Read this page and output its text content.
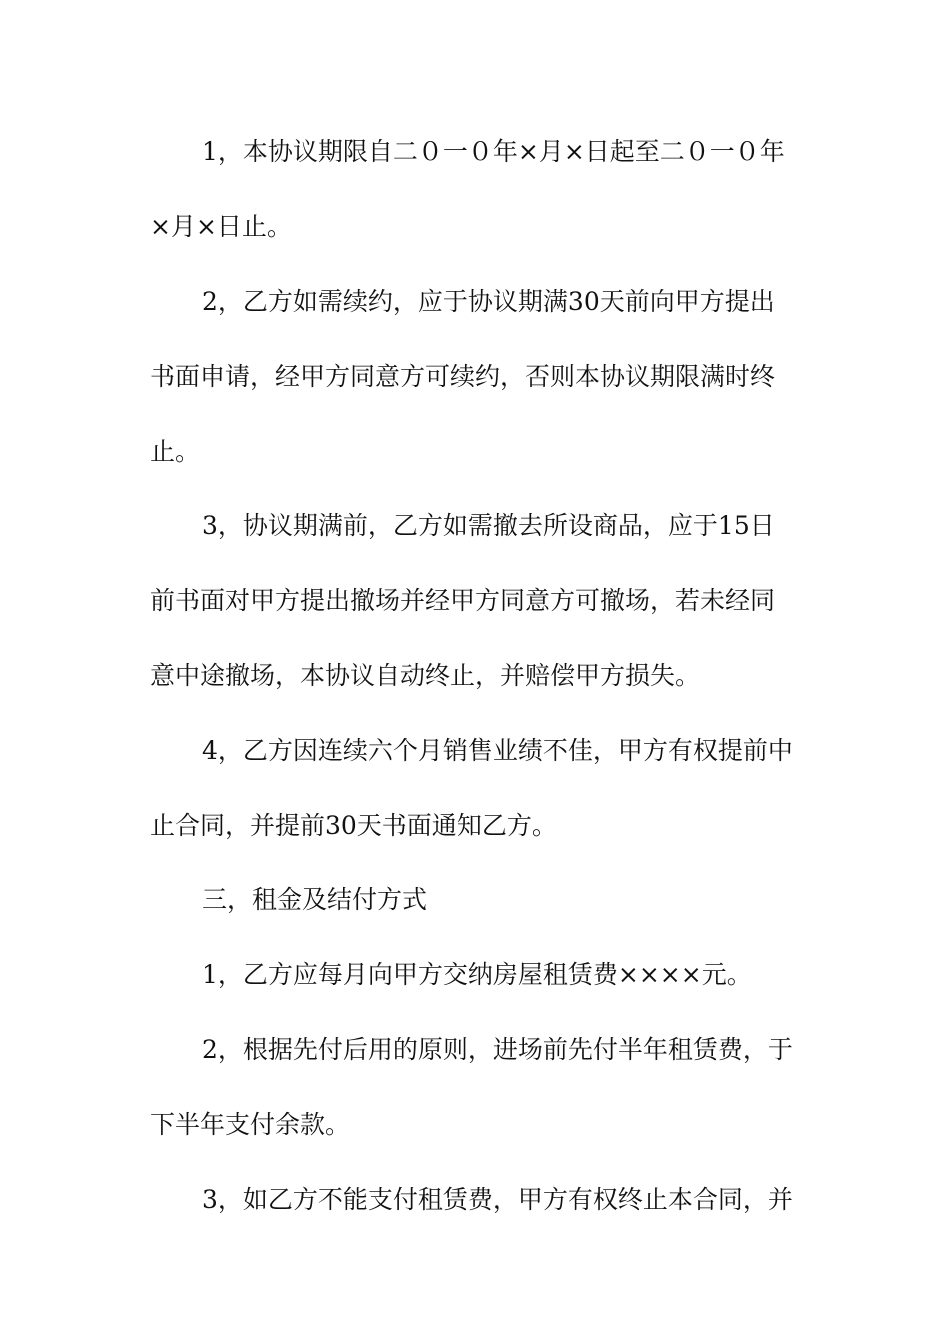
1，本协议期限自二０一０年×月×日起至二０一０年
×月×日止。
2，乙方如需续约，应于协议期满30天前向甲方提出
书面申请，经甲方同意方可续约，否则本协议期限满时终
止。
3，协议期满前，乙方如需撤去所设商品，应于15日
前书面对甲方提出撤场并经甲方同意方可撤场，若未经同
意中途撤场，本协议自动终止，并赔偿甲方损失。
4，乙方因连续六个月销售业绩不佳，甲方有权提前中
止合同，并提前30天书面通知乙方。
三，租金及结付方式
1，乙方应每月向甲方交纳房屋租赁费××××元。
2，根据先付后用的原则，进场前先付半年租赁费，于
下半年支付余款。
3，如乙方不能支付租赁费，甲方有权终止本合同，并
